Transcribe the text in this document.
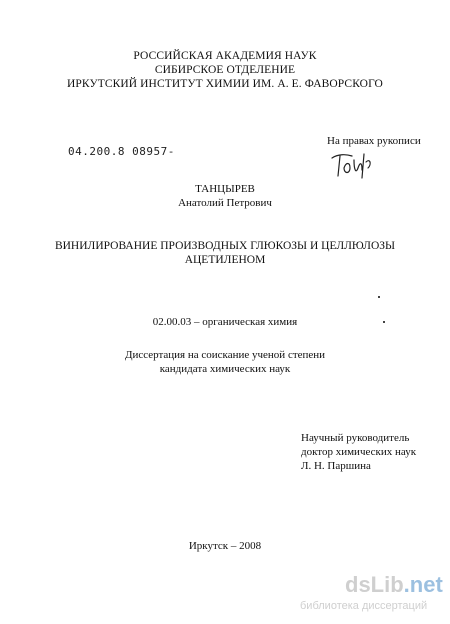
РОССИЙСКАЯ АКАДЕМИЯ НАУК
СИБИРСКОЕ ОТДЕЛЕНИЕ
ИРКУТСКИЙ ИНСТИТУТ ХИМИИ ИМ. А. Е. ФАВОРСКОГО
04.200.8 08957-
На правах рукописи
ТАНЦЫРЕВ
Анатолий Петрович
ВИНИЛИРОВАНИЕ ПРОИЗВОДНЫХ ГЛЮКОЗЫ И ЦЕЛЛЮЛОЗЫ
АЦЕТИЛЕНОМ
02.00.03 – органическая химия
Диссертация на соискание ученой степени
кандидата химических наук
Научный руководитель
доктор химических наук
Л. Н. Паршина
Иркутск – 2008
dsLib.net
библиотека диссертаций
